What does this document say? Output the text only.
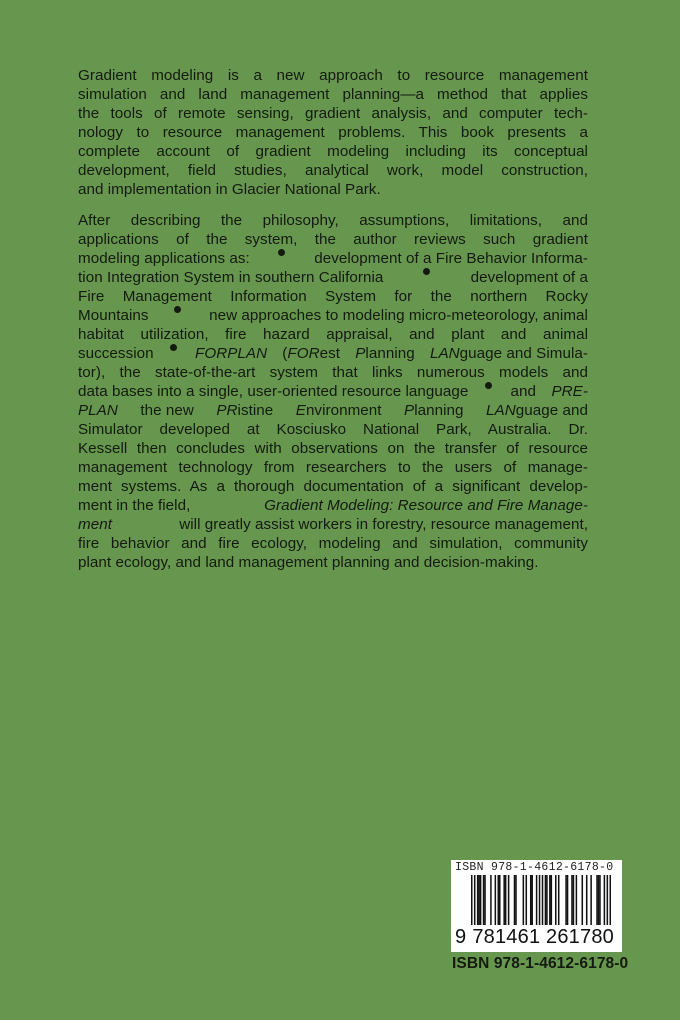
Gradient modeling is a new approach to resource management
simulation and land management planning—a method that applies
the tools of remote sensing, gradient analysis, and computer tech-
nology to resource management problems. This book presents a
complete account of gradient modeling including its conceptual
development, field studies, analytical work, model construction,
and implementation in Glacier National Park.

After describing the philosophy, assumptions, limitations, and
applications of the system, the author reviews such gradient
modeling applications as:	development of a Fire Behavior Informa-
tion Integration System in southern California	development of a
Fire Management Information System for the northern Rocky
Mountains	new approaches to modeling micro-meteorology, animal
habitat utilization, fire hazard appraisal, and plant and animal
succession	FORPLAN (FORest Planning LANguage and Simula-
tor), the state-of-the-art system that links numerous models and
data bases into a single, user-oriented resource language	and PRE-
PLAN the new PRistine Environment Planning LANguage and
Simulator developed at Kosciusko National Park, Australia. Dr.
Kessell then concludes with observations on the transfer of resource
management technology from researchers to the users of manage-
ment systems. As a thorough documentation of a significant develop-
ment in the field,	Gradient Modeling: Resource and Fire Manage-
ment	will greatly assist workers in forestry, resource management,
fire behavior and fire ecology, modeling and simulation, community
plant ecology, and land management planning and decision-making.

ISBN 978-1-4612-6178-0
9 781461 261780
ISBN 978-1-4612-6178-0
